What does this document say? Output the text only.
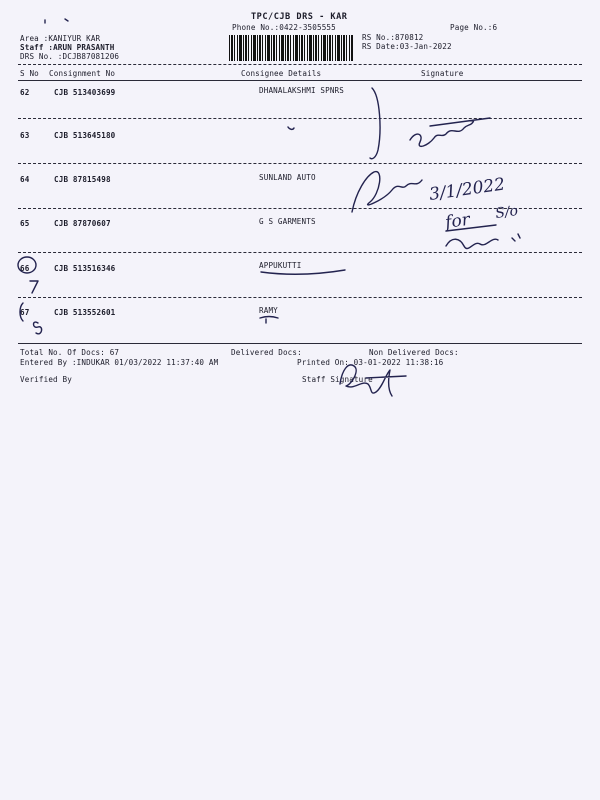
TPC/CJB DRS - KAR
Phone No.:0422-3505555	Page No.:6
RS No.:870812
RS Date:03-Jan-2022
Area :KANIYUR KAR
Staff :ARUN PRASANTH
DRS No. :DCJB87081206
S No Consignment No	Consignee Details	Signature
62	CJB 513403699	DHANALAKSHMI SPNRS
63	CJB 513645180
64	CJB 87815498	SUNLAND AUTO
65	CJB 87870607	G S GARMENTS
66	CJB 513516346	APPUKUTTI
67	CJB 513552601	RAMY
Total No. Of Docs: 67	Delivered Docs:	Non Delivered Docs:
Entered By :INDUKAR 01/03/2022 11:37:40 AM	Printed On: 03-01-2022 11:38:16
Verified By	Staff Signature
3/1/2022
for S/o
